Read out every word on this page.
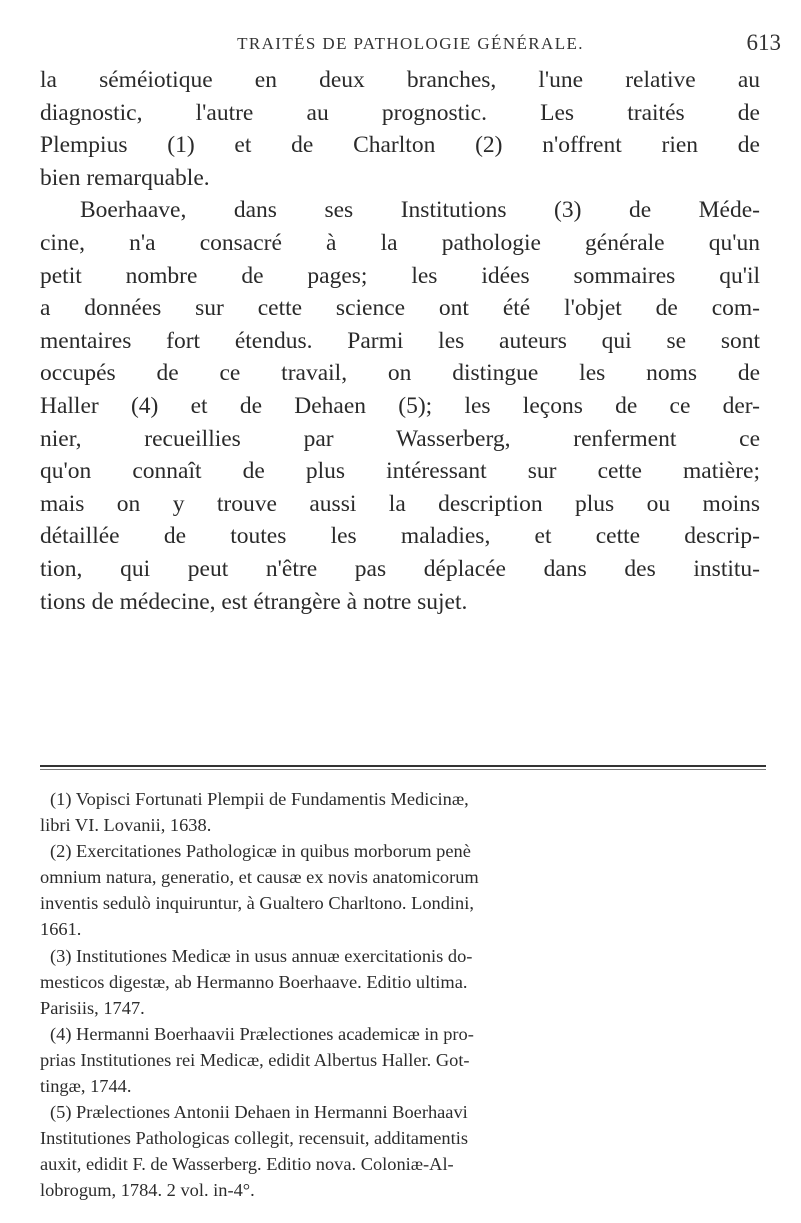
TRAITÉS DE PATHOLOGIE GÉNÉRALE.	613
la séméiotique en deux branches, l'une relative au
diagnostic, l'autre au prognostic. Les traités de
Plempius (1) et de Charlton (2) n'offrent rien de
bien remarquable.
Boerhaave, dans ses Institutions (3) de Méde-
cine, n'a consacré à la pathologie générale qu'un
petit nombre de pages; les idées sommaires qu'il
a données sur cette science ont été l'objet de com-
mentaires fort étendus. Parmi les auteurs qui se sont
occupés de ce travail, on distingue les noms de
Haller (4) et de Dehaen (5); les leçons de ce der-
nier, recueillies par Wasserberg, renferment ce
qu'on connaît de plus intéressant sur cette matière;
mais on y trouve aussi la description plus ou moins
détaillée de toutes les maladies, et cette descrip-
tion, qui peut n'être pas déplacée dans des institu-
tions de médecine, est étrangère à notre sujet.
(1) Vopisci Fortunati Plempii de Fundamentis Medicinæ,
libri VI. Lovanii, 1638.
(2) Exercitationes Pathologicæ in quibus morborum penè
omnium natura, generatio, et causæ ex novis anatomicorum
inventis sedulò inquiruntur, à Gualtero Charltono. Londini,
1661.
(3) Institutiones Medicæ in usus annuæ exercitationis do-
mesticos digestæ, ab Hermanno Boerhaave. Editio ultima.
Parisiis, 1747.
(4) Hermanni Boerhaavii Prælectiones academicæ in pro-
prias Institutiones rei Medicæ, edidit Albertus Haller. Got-
tingæ, 1744.
(5) Prælectiones Antonii Dehaen in Hermanni Boerhaavi
Institutiones Pathologicas collegit, recensuit, additamentis
auxit, edidit F. de Wasserberg. Editio nova. Coloniæ-Al-
lobrogum, 1784. 2 vol. in-4°.
